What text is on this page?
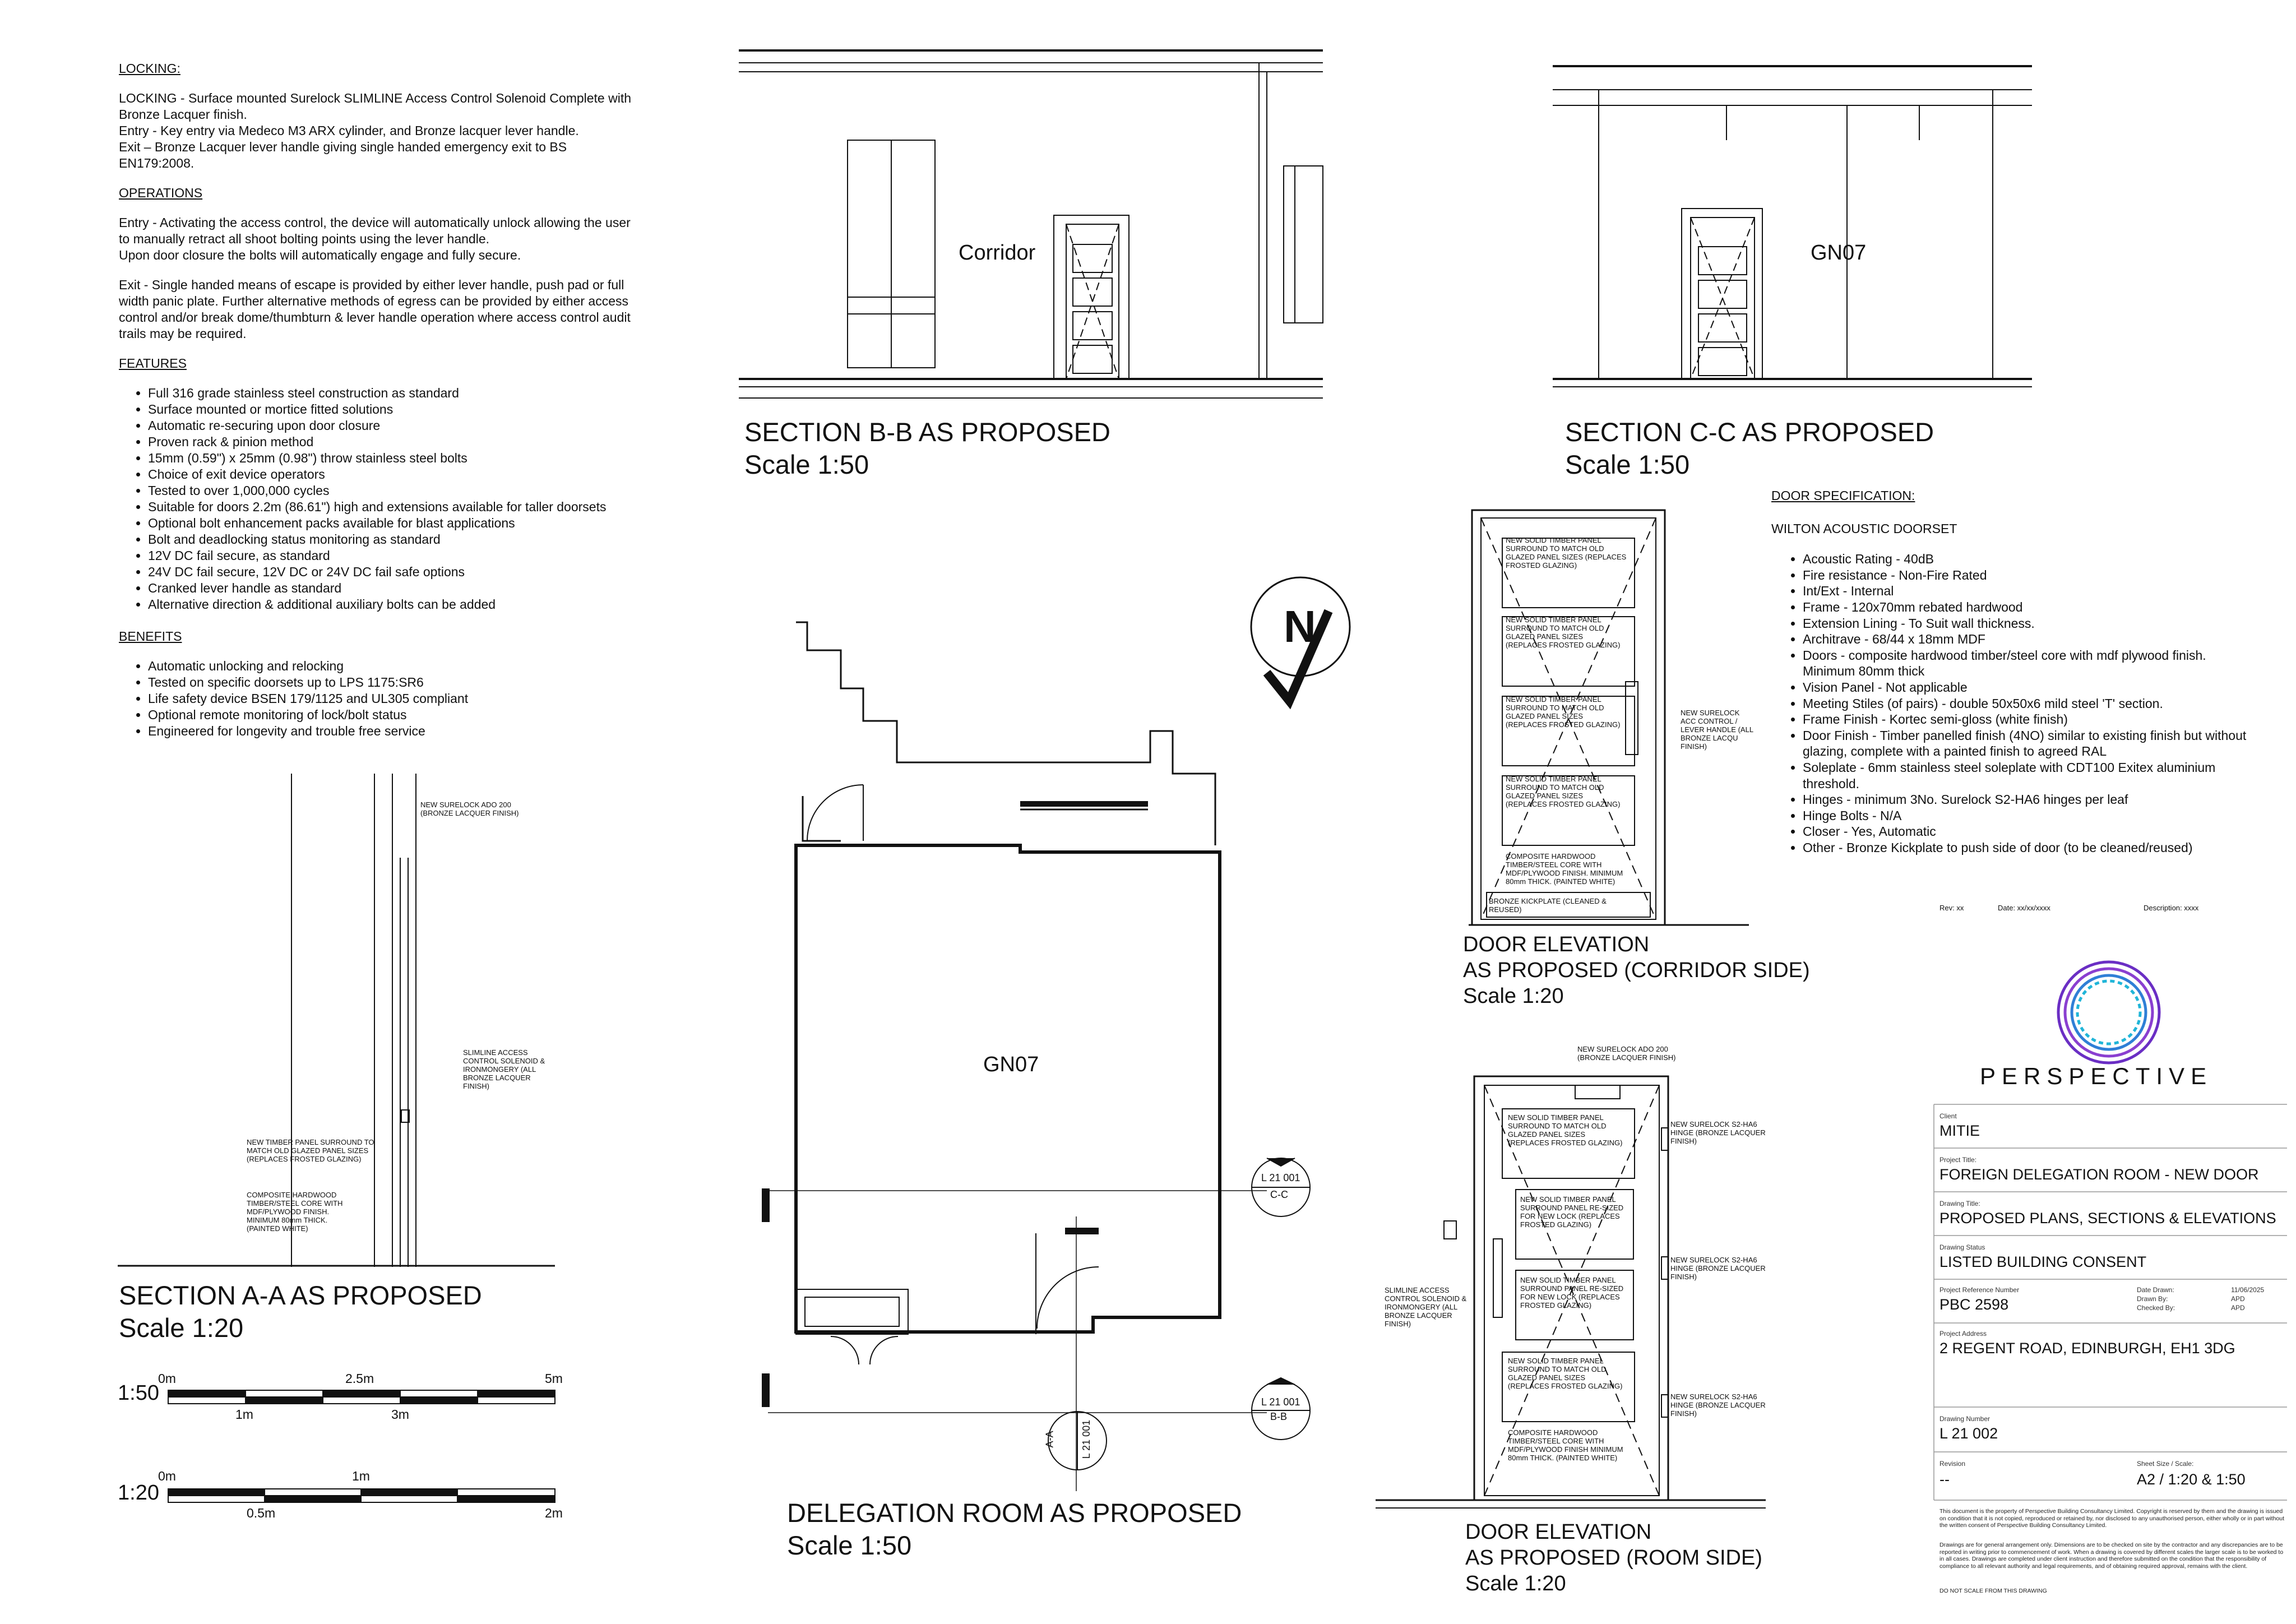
LOCKING:

LOCKING - Surface mounted Surelock SLIMLINE Access Control Solenoid Complete with Bronze Lacquer finish.
Entry - Key entry via Medeco M3 ARX cylinder, and Bronze lacquer lever handle.
Exit – Bronze Lacquer lever handle giving single handed emergency exit to BS EN179:2008.

OPERATIONS

Entry - Activating the access control, the device will automatically unlock allowing the user to manually retract all shoot bolting points using the lever handle.
Upon door closure the bolts will automatically engage and fully secure.

Exit - Single handed means of escape is provided by either lever handle, push pad or full width panic plate. Further alternative methods of egress can be provided by either access control and/or break dome/thumbturn & lever handle operation where access control audit trails may be required.

FEATURES
• Full 316 grade stainless steel construction as standard
• Surface mounted or mortice fitted solutions
• Automatic re-securing upon door closure
• Proven rack & pinion method
• 15mm (0.59") x 25mm (0.98") throw stainless steel bolts
• Choice of exit device operators
• Tested to over 1,000,000 cycles
• Suitable for doors 2.2m (86.61") high and extensions available for taller doorsets
• Optional bolt enhancement packs available for blast applications
• Bolt and deadlocking status monitoring as standard
• 12V DC fail secure, as standard
• 24V DC fail secure, 12V DC or 24V DC fail safe options
• Cranked lever handle as standard
• Alternative direction & additional auxiliary bolts can be added
BENEFITS
• Automatic unlocking and relocking
• Tested on specific doorsets up to LPS 1175:SR6
• Life safety device BSEN 179/1125 and UL305 compliant
• Optional remote monitoring of lock/bolt status
• Engineered for longevity and trouble free service
Corridor
SECTION B-B AS PROPOSED
Scale 1:50
GN07
SECTION C-C AS PROPOSED
Scale 1:50
SECTION A-A AS PROPOSED
Scale 1:20
GN07
N
DELEGATION ROOM AS PROPOSED
Scale 1:50
L 21 001
C-C
L 21 001
B-B
A-A	L 21 001
DOOR ELEVATION
AS PROPOSED (CORRIDOR SIDE)
Scale 1:20
DOOR ELEVATION
AS PROPOSED (ROOM SIDE)
Scale 1:20
NEW SURELOCK ADO 200 (BRONZE LACQUER FINISH)
SLIMLINE ACCESS CONTROL SOLENOID & IRONMONGERY (ALL BRONZE LACQUER FINISH)
NEW TIMBER PANEL SURROUND TO MATCH OLD GLAZED PANEL SIZES (REPLACES FROSTED GLAZING)
COMPOSITE HARDWOOD TIMBER/STEEL CORE WITH MDF/PLYWOOD FINISH. MINIMUM 80mm THICK. (PAINTED WHITE)
NEW SOLID TIMBER PANEL SURROUND TO MATCH OLD GLAZED PANEL SIZES (REPLACES FROSTED GLAZING)
NEW SOLID TIMBER PANEL SURROUND TO MATCH OLD GLAZED PANEL SIZES (REPLACES FROSTED GLAZING)
NEW SOLID TIMBER PANEL SURROUND TO MATCH OLD GLAZED PANEL SIZES (REPLACES FROSTED GLAZING)
NEW SOLID TIMBER PANEL SURROUND TO MATCH OLD GLAZED PANEL SIZES (REPLACES FROSTED GLAZING)
COMPOSITE HARDWOOD TIMBER/STEEL CORE WITH MDF/PLYWOOD FINISH. MINIMUM 80mm THICK. (PAINTED WHITE)
BRONZE KICKPLATE (CLEANED & REUSED)
NEW SURELOCK ACC CONTROL / LEVER HANDLE (ALL BRONZE LACQU FINISH)
NEW SURELOCK ADO 200 (BRONZE LACQUER FINISH)
NEW SOLID TIMBER PANEL SURROUND TO MATCH OLD GLAZED PANEL SIZES (REPLACES FROSTED GLAZING)
NEW SOLID TIMBER PANEL SURROUND PANEL RE-SIZED FOR NEW LOCK (REPLACES FROSTED GLAZING)
NEW SOLID TIMBER PANEL SURROUND PANEL RE-SIZED FOR NEW LOCK (REPLACES FROSTED GLAZING)
NEW SOLID TIMBER PANEL SURROUND TO MATCH OLD GLAZED PANEL SIZES (REPLACES FROSTED GLAZING)
COMPOSITE HARDWOOD TIMBER/STEEL CORE WITH MDF/PLYWOOD FINISH MINIMUM 80mm THICK. (PAINTED WHITE)
NEW SURELOCK S2-HA6 HINGE (BRONZE LACQUER FINISH)
NEW SURELOCK S2-HA6 HINGE (BRONZE LACQUER FINISH)
NEW SURELOCK S2-HA6 HINGE (BRONZE LACQUER FINISH)
SLIMLINE ACCESS CONTROL SOLENOID & IRONMONGERY (ALL BRONZE LACQUER FINISH)
1:50
0m	2.5m	5m
1m	3m
1:20
0m	1m
0.5m	2m
DOOR SPECIFICATION:

WILTON ACOUSTIC DOORSET

• Acoustic Rating - 40dB
• Fire resistance - Non-Fire Rated
• Int/Ext - Internal
• Frame - 120x70mm rebated hardwood
• Extension Lining - To Suit wall thickness.
• Architrave - 68/44 x 18mm MDF
• Doors - composite hardwood timber/steel core with mdf plywood finish. Minimum 80mm thick
• Vision Panel - Not applicable
• Meeting Stiles (of pairs) - double 50x50x6 mild steel 'T' section.
• Frame Finish - Kortec semi-gloss (white finish)
• Door Finish - Timber panelled finish (4NO) similar to existing finish but without glazing, complete with a painted finish to agreed RAL
• Soleplate - 6mm stainless steel soleplate with CDT100 Exitex aluminium threshold.
• Hinges - minimum 3No. Surelock S2-HA6 hinges per leaf
• Hinge Bolts - N/A
• Closer - Yes, Automatic
• Other - Bronze Kickplate to push side of door (to be cleaned/reused)
Rev: xx	Date: xx/xx/xxxx	Description: xxxx
PERSPECTIVE
Client
MITIE
Project Title:
FOREIGN DELEGATION ROOM - NEW DOOR
Drawing Title:
PROPOSED PLANS, SECTIONS & ELEVATIONS
Drawing Status
LISTED BUILDING CONSENT
Project Reference Number
PBC 2598
Date Drawn:	11/06/2025
Drawn By:	APD
Checked By:	APD
Project Address
2 REGENT ROAD, EDINBURGH, EH1 3DG
Drawing Number
L 21 002
Revision
--
Sheet Size / Scale:
A2 / 1:20 & 1:50
This document is the property of Perspective Building Consultancy Limited. Copyright is reserved by them and the drawing is issued on condition that it is not copied, reproduced or retained by, nor disclosed to any unauthorised person, either wholly or in part without the written consent of Perspective Building Consultancy Limited.
Drawings are for general arrangement only. Dimensions are to be checked on site by the contractor and any discrepancies are to be reported in writing prior to commencement of work. When a drawing is covered by different scales the larger scale is to be worked to in all cases. Drawings are completed under client instruction and therefore submitted on the condition that the responsibility of compliance to all relevant authority and legal requirements, and of obtaining required approval, remains with the client.
DO NOT SCALE FROM THIS DRAWING
